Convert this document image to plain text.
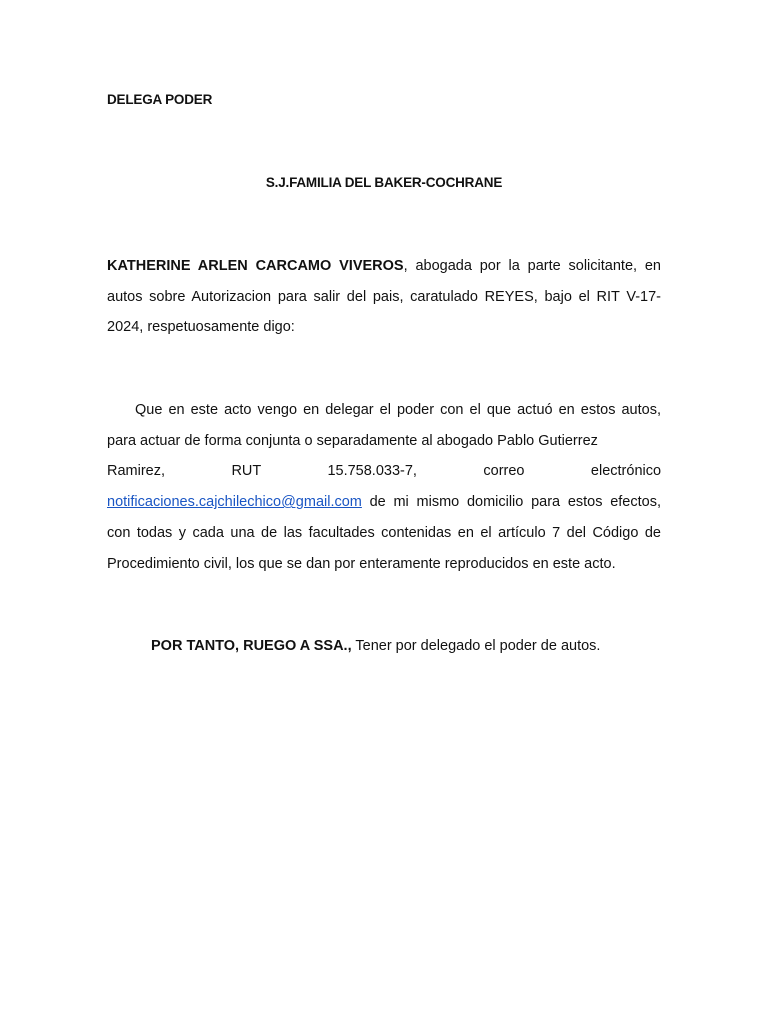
DELEGA PODER
S.J.FAMILIA DEL BAKER-COCHRANE
KATHERINE ARLEN CARCAMO VIVEROS, abogada por la parte solicitante, en autos sobre Autorizacion para salir del pais, caratulado REYES, bajo el RIT V-17-2024, respetuosamente digo:
Que en este acto vengo en delegar el poder con el que actuó en estos autos, para actuar de forma conjunta o separadamente al abogado Pablo Gutierrez
Ramirez,	RUT	15.758.033-7,	correo	electrónico
notificaciones.cajchilechico@gmail.com de mi mismo domicilio para estos efectos, con todas y cada una de las facultades contenidas en el artículo 7 del Código de Procedimiento civil, los que se dan por enteramente reproducidos en este acto.
POR TANTO, RUEGO A SSA., Tener por delegado el poder de autos.
